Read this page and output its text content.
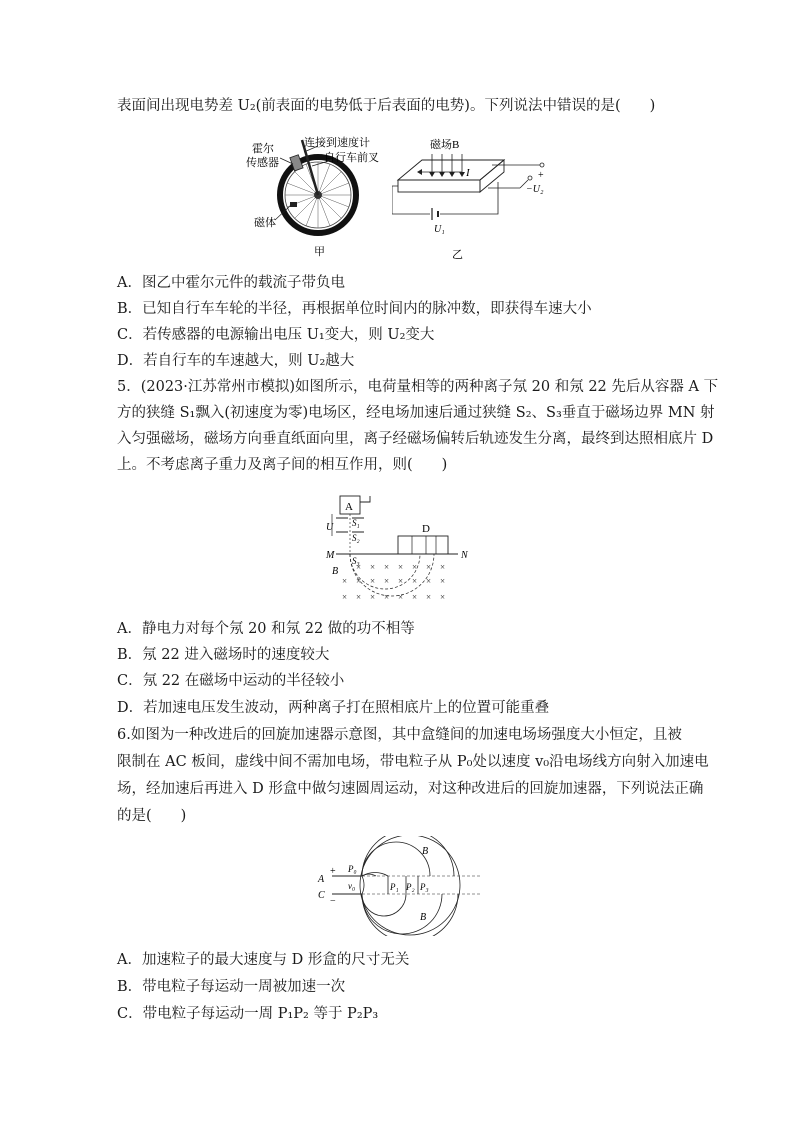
表面间出现电势差 U₂(前表面的电势低于后表面的电势)。下列说法中错误的是(　　)
霍尔
传感器
连接到速度计
自行车前叉
磁体
甲
磁场B
I
U₁
+
−U₂
乙
A．图乙中霍尔元件的载流子带负电
B．已知自行车车轮的半径，再根据单位时间内的脉冲数，即获得车速大小
C．若传感器的电源输出电压 U₁变大，则 U₂变大
D．若自行车的车速越大，则 U₂越大
5．(2023·江苏常州市模拟)如图所示，电荷量相等的两种离子氖 20 和氖 22 先后从容器 A 下
方的狭缝 S₁飘入(初速度为零)电场区，经电场加速后通过狭缝 S₂、S₃垂直于磁场边界 MN 射
入匀强磁场，磁场方向垂直纸面向里，离子经磁场偏转后轨迹发生分离，最终到达照相底片 D
上。不考虑离子重力及离子间的相互作用，则(　　)
A
S₁
S₂
S₃
U
M	N
D
B × × × × × × ×
× × × × × × × ×
× × × × × × × ×
A．静电力对每个氖 20 和氖 22 做的功不相等
B．氖 22 进入磁场时的速度较大
C．氖 22 在磁场中运动的半径较小
D．若加速电压发生波动，两种离子打在照相底片上的位置可能重叠
6.如图为一种改进后的回旋加速器示意图，其中盒缝间的加速电场场强度大小恒定，且被
限制在 AC 板间，虚线中间不需加电场，带电粒子从 P₀处以速度 v₀沿电场线方向射入加速电
场，经加速后再进入 D 形盒中做匀速圆周运动，对这种改进后的回旋加速器，下列说法正确
的是(　　)
A
C
+
−
P₀
v₀	P₁ P₂ P₃
B
B
A．加速粒子的最大速度与 D 形盒的尺寸无关
B．带电粒子每运动一周被加速一次
C．带电粒子每运动一周 P₁P₂ 等于 P₂P₃
